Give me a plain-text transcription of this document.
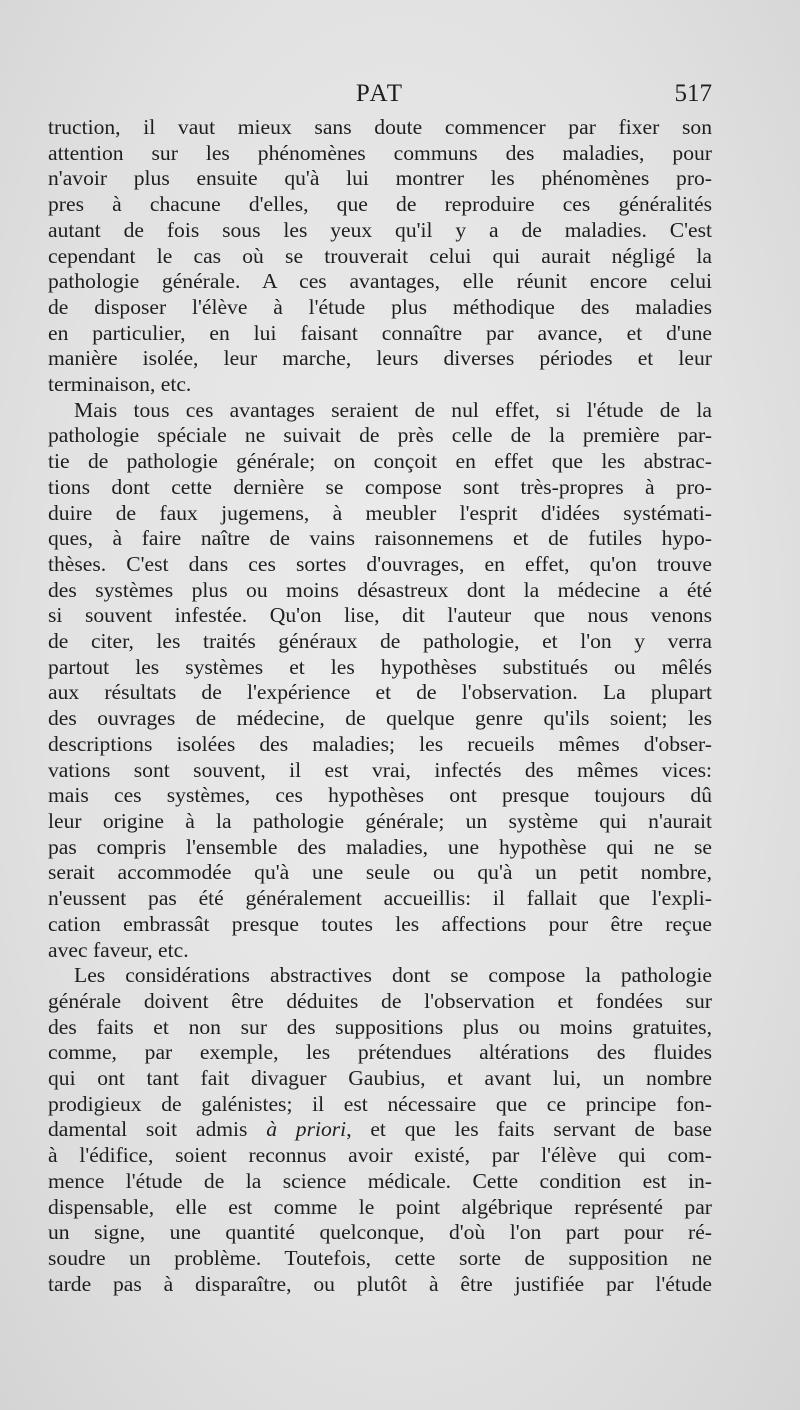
PAT	517

truction, il vaut mieux sans doute commencer par fixer son
attention sur les phénomènes communs des maladies, pour
n'avoir plus ensuite qu'à lui montrer les phénomènes pro-
pres à chacune d'elles, que de reproduire ces généralités
autant de fois sous les yeux qu'il y a de maladies. C'est
cependant le cas où se trouverait celui qui aurait négligé la
pathologie générale. A ces avantages, elle réunit encore celui
de disposer l'élève à l'étude plus méthodique des maladies
en particulier, en lui faisant connaître par avance, et d'une
manière isolée, leur marche, leurs diverses périodes et leur
terminaison, etc.

Mais tous ces avantages seraient de nul effet, si l'étude de la
pathologie spéciale ne suivait de près celle de la première par-
tie de pathologie générale; on conçoit en effet que les abstrac-
tions dont cette dernière se compose sont très-propres à pro-
duire de faux jugemens, à meubler l'esprit d'idées systémati-
ques, à faire naître de vains raisonnemens et de futiles hypo-
thèses. C'est dans ces sortes d'ouvrages, en effet, qu'on trouve
des systèmes plus ou moins désastreux dont la médecine a été
si souvent infestée. Qu'on lise, dit l'auteur que nous venons
de citer, les traités généraux de pathologie, et l'on y verra
partout les systèmes et les hypothèses substitués ou mêlés
aux résultats de l'expérience et de l'observation. La plupart
des ouvrages de médecine, de quelque genre qu'ils soient; les
descriptions isolées des maladies; les recueils mêmes d'obser-
vations sont souvent, il est vrai, infectés des mêmes vices:
mais ces systèmes, ces hypothèses ont presque toujours dû
leur origine à la pathologie générale; un système qui n'aurait
pas compris l'ensemble des maladies, une hypothèse qui ne se
serait accommodée qu'à une seule ou qu'à un petit nombre,
n'eussent pas été généralement accueillis: il fallait que l'expli-
cation embrassât presque toutes les affections pour être reçue
avec faveur, etc.

Les considérations abstractives dont se compose la pathologie
générale doivent être déduites de l'observation et fondées sur
des faits et non sur des suppositions plus ou moins gratuites,
comme, par exemple, les prétendues altérations des fluides
qui ont tant fait divaguer Gaubius, et avant lui, un nombre
prodigieux de galénistes; il est nécessaire que ce principe fon-
damental soit admis à priori, et que les faits servant de base
à l'édifice, soient reconnus avoir existé, par l'élève qui com-
mence l'étude de la science médicale. Cette condition est in-
dispensable, elle est comme le point algébrique représenté par
un signe, une quantité quelconque, d'où l'on part pour ré-
soudre un problème. Toutefois, cette sorte de supposition ne
tarde pas à disparaître, ou plutôt à être justifiée par l'étude
